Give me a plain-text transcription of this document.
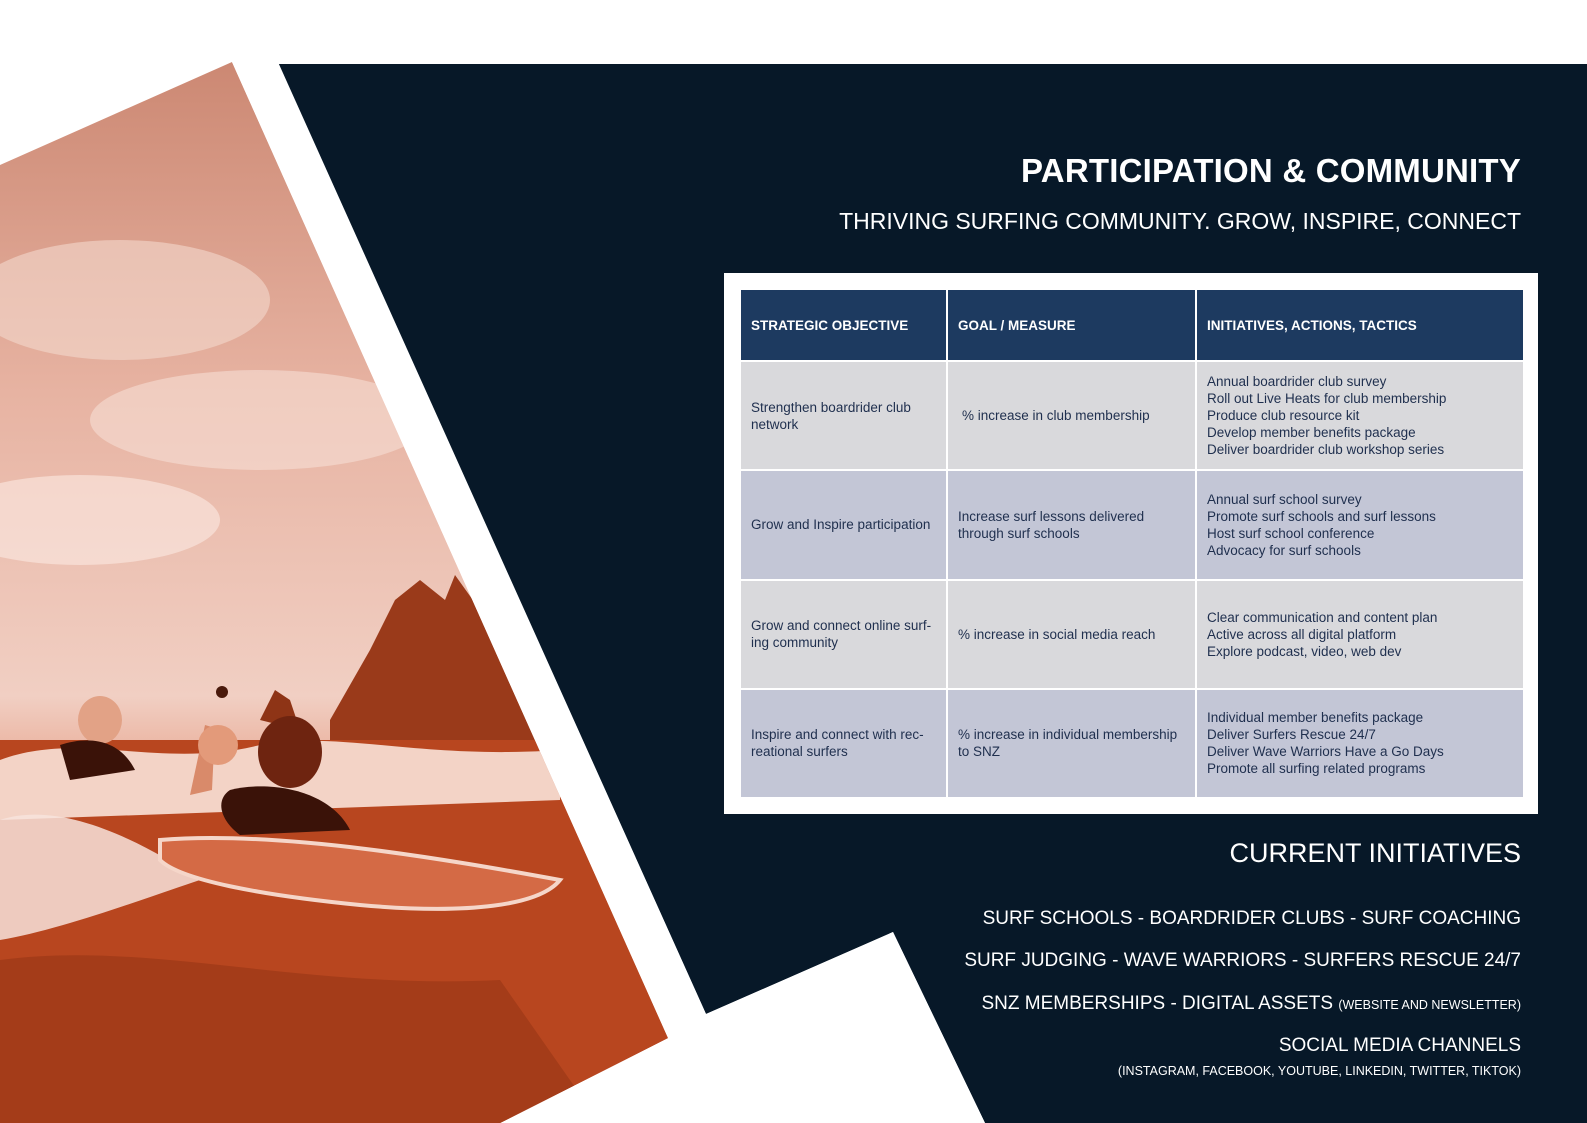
PARTICIPATION & COMMUNITY
THRIVING SURFING COMMUNITY. GROW, INSPIRE, CONNECT
STRATEGIC OBJECTIVE	GOAL / MEASURE	INITIATIVES, ACTIONS, TACTICS
Strengthen boardrider club network	% increase in club membership	Annual boardrider club survey
Roll out Live Heats for club membership
Produce club resource kit
Develop member benefits package
Deliver boardrider club workshop series

Grow and Inspire participation	Increase surf lessons delivered through surf schools	Annual surf school survey
Promote surf schools and surf lessons
Host surf school conference
Advocacy for surf schools

Grow and connect online surf-ing community	% increase in social media reach	Clear communication and content plan
Active across all digital platform
Explore podcast, video, web dev

Inspire and connect with rec-reational surfers	% increase in individual membership to SNZ	Individual member benefits package
Deliver Surfers Rescue 24/7
Deliver Wave Warriors Have a Go Days
Promote all surfing related programs
CURRENT INITIATIVES
SURF SCHOOLS - BOARDRIDER CLUBS - SURF COACHING
SURF JUDGING - WAVE WARRIORS - SURFERS RESCUE 24/7
SNZ MEMBERSHIPS - DIGITAL ASSETS (WEBSITE AND NEWSLETTER)
SOCIAL MEDIA CHANNELS
(INSTAGRAM, FACEBOOK, YOUTUBE, LINKEDIN, TWITTER, TIKTOK)
